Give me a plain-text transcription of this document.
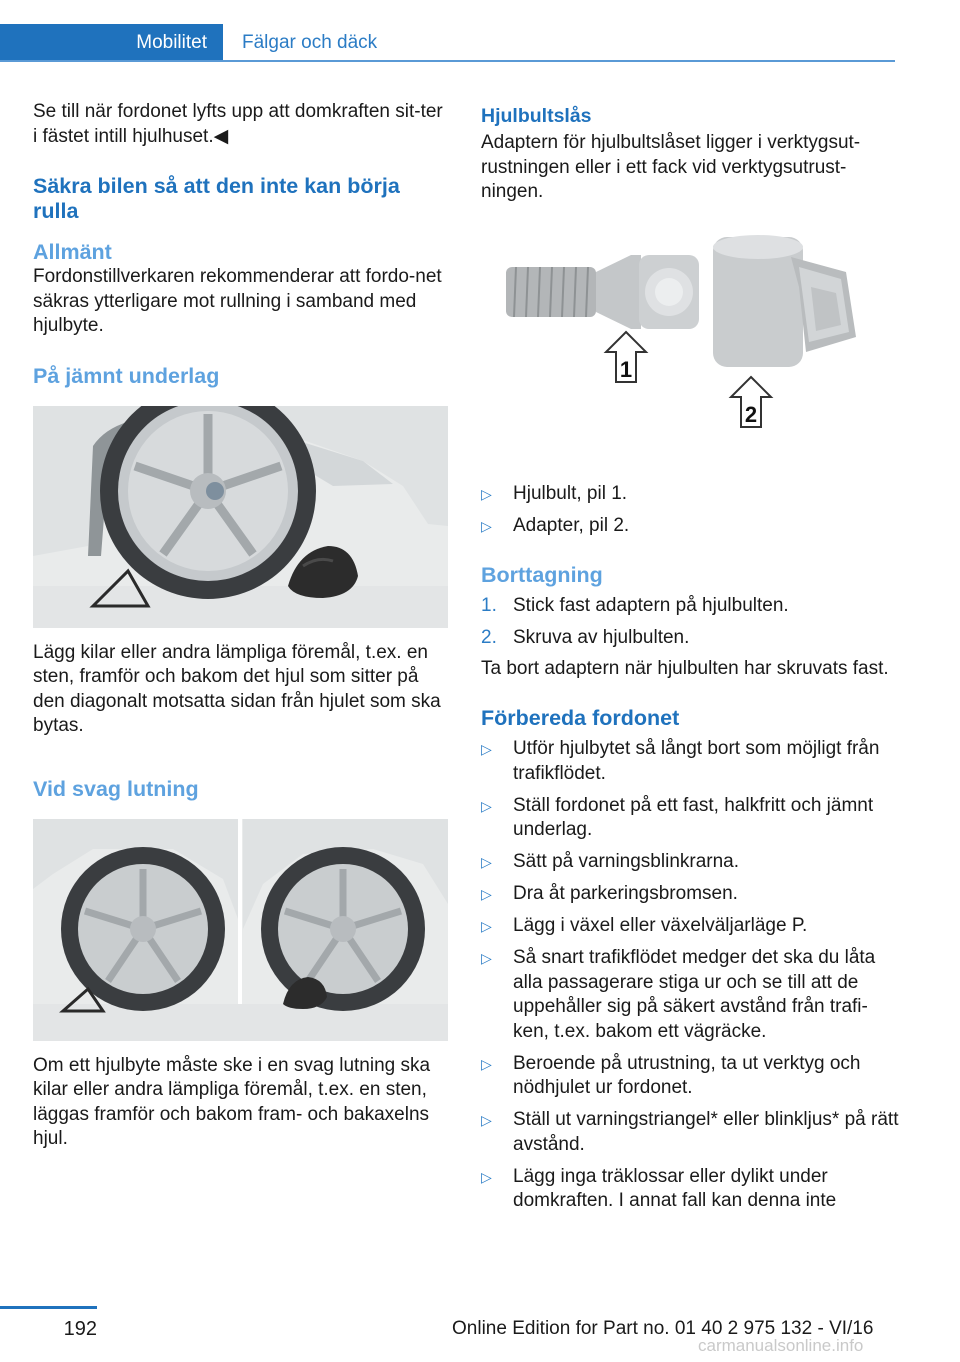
Mobilitet	Fälgar och däck

Se till när fordonet lyfts upp att domkraften sit‐ter i fästet intill hjulhuset.◀

Säkra bilen så att den inte kan börja rulla
Allmänt

Fordonstillverkaren rekommenderar att fordo‐net säkras ytterligare mot rullning i samband med hjulbyte.

På jämnt underlag

Lägg kilar eller andra lämpliga föremål, t.ex. en sten, framför och bakom det hjul som sitter på den diagonalt motsatta sidan från hjulet som ska bytas.

Vid svag lutning

Om ett hjulbyte måste ske i en svag lutning ska kilar eller andra lämpliga föremål, t.ex. en sten, läggas framför och bakom fram- och bakaxelns hjul.

Hjulbultslås

Adaptern för hjulbultslåset ligger i verktygsut‐rustningen eller i ett fack vid verktygsutrust‐ningen.

1
2
▷ Hjulbult, pil 1.
▷ Adapter, pil 2.
Borttagning
1. Stick fast adaptern på hjulbulten.
2. Skruva av hjulbulten.

Ta bort adaptern när hjulbulten har skruvats fast.

Förbereda fordonet
▷ Utför hjulbytet så långt bort som möjligt från trafikflödet.
▷ Ställ fordonet på ett fast, halkfritt och jämnt underlag.
▷ Sätt på varningsblinkrarna.
▷ Dra åt parkeringsbromsen.
▷ Lägg i växel eller växelväljarläge P.
▷ Så snart trafikflödet medger det ska du låta alla passagerare stiga ur och se till att de uppehåller sig på säkert avstånd från trafi‐ken, t.ex. bakom ett vägräcke.
▷ Beroende på utrustning, ta ut verktyg och nödhjulet ur fordonet.
▷ Ställ ut varningstriangel* eller blinkljus* på rätt avstånd.
▷ Lägg inga träklossar eller dylikt under domkraften. I annat fall kan denna inte
192	Online Edition for Part no. 01 40 2 975 132 - VI/16
carmanualsonline.info
